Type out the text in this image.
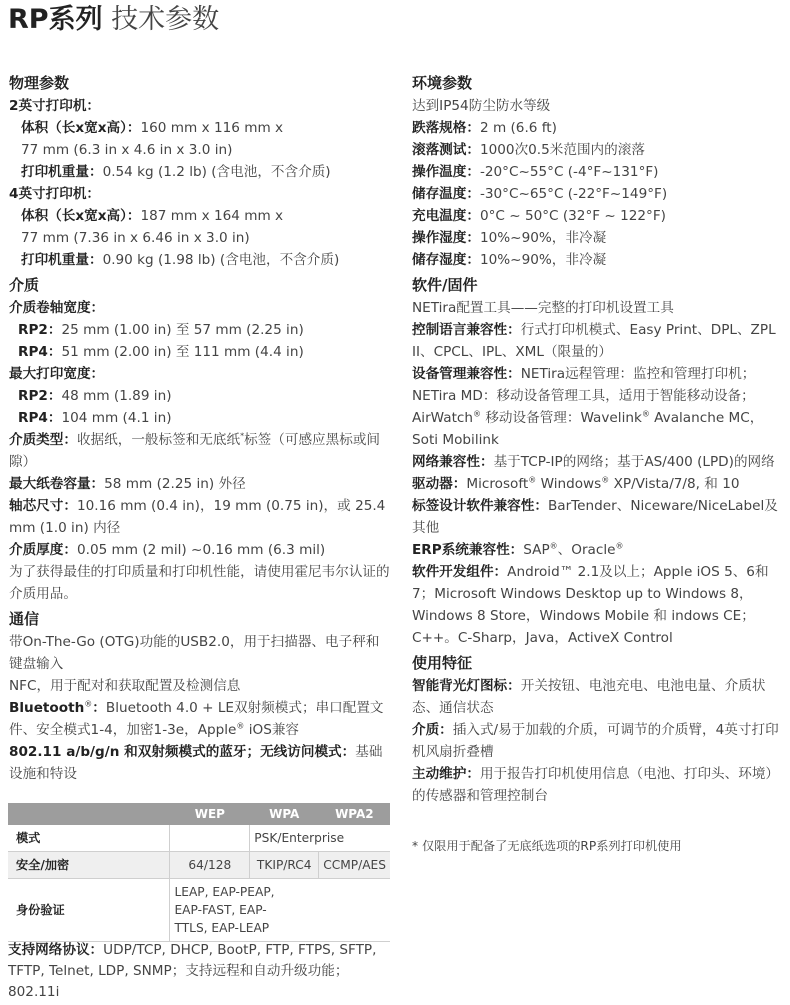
RP系列 技术参数
物理参数
2英寸打印机：
体积（长x宽x高）：160 mm x 116 mm x
77 mm (6.3 in x 4.6 in x 3.0 in)
打印机重量：0.54 kg (1.2 lb) (含电池，不含介质)
4英寸打印机：
体积（长x宽x高）：187 mm x 164 mm x
77 mm (7.36 in x 6.46 in x 3.0 in)
打印机重量：0.90 kg (1.98 lb) (含电池，不含介质)
介质
介质卷轴宽度：
RP2：25 mm (1.00 in) 至 57 mm (2.25 in)
RP4：51 mm (2.00 in) 至 111 mm (4.4 in)
最大打印宽度：
RP2：48 mm (1.89 in)
RP4：104 mm (4.1 in)
介质类型：收据纸，一般标签和无底纸*标签（可感应黑标或间隙）
最大纸卷容量：58 mm (2.25 in) 外径
轴芯尺寸：10.16 mm (0.4 in)，19 mm (0.75 in)，或 25.4 mm (1.0 in) 内径
介质厚度：0.05 mm (2 mil) ~0.16 mm (6.3 mil)
为了获得最佳的打印质量和打印机性能，请使用霍尼韦尔认证的介质用品。
通信
带On-The-Go (OTG)功能的USB2.0，用于扫描器、电子秤和键盘输入
NFC，用于配对和获取配置及检测信息
Bluetooth®：Bluetooth 4.0 + LE双射频模式；串口配置文件、安全模式1-4，加密1-3e，Apple® iOS兼容
802.11 a/b/g/n 和双射频模式的蓝牙；无线访问模式：基础设施和特设
环境参数
达到IP54防尘防水等级
跌落规格：2 m (6.6 ft)
滚落测试：1000次0.5米范围内的滚落
操作温度：-20°C~55°C (-4°F~131°F)
储存温度：-30°C~65°C (-22°F~149°F)
充电温度：0°C ~ 50°C (32°F ~ 122°F)
操作湿度：10%~90%，非冷凝
储存湿度：10%~90%，非冷凝
软件/固件
NETira配置工具——完整的打印机设置工具
控制语言兼容性：行式打印机模式、Easy Print、DPL、ZPL II、CPCL、IPL、XML（限量的）
设备管理兼容性：NETira远程管理：监控和管理打印机；NETira MD：移动设备管理工具，适用于智能移动设备；AirWatch® 移动设备管理：Wavelink® Avalanche MC，Soti Mobilink
网络兼容性：基于TCP-IP的网络；基于AS/400 (LPD)的网络
驱动器：Microsoft® Windows® XP/Vista/7/8, 和 10
标签设计软件兼容性：BarTender、Niceware/NiceLabel及其他
ERP系统兼容性：SAP®、Oracle®
软件开发组件：Android™ 2.1及以上；Apple iOS 5、6和7；Microsoft Windows Desktop up to Windows 8，Windows 8 Store，Windows Mobile 和 indows CE；C++。C-Sharp，Java，ActiveX Control
使用特征
智能背光灯图标：开关按钮、电池充电、电池电量、介质状态、通信状态
介质：插入式/易于加载的介质，可调节的介质臂，4英寸打印机风扇折叠槽
主动维护：用于报告打印机使用信息（电池、打印头、环境）的传感器和管理控制台
	WEP	WPA	WPA2
模式		PSK/Enterprise	
安全/加密	64/128	TKIP/RC4	CCMP/AES
身份验证	LEAP, EAP-PEAP, EAP-FAST, EAP-TTLS, EAP-LEAP		
* 仅限用于配备了无底纸选项的RP系列打印机使用
支持网络协议：UDP/TCP, DHCP, BootP, FTP, FTPS, SFTP, TFTP, Telnet, LDP, SNMP；支持远程和自动升级功能；802.11i
